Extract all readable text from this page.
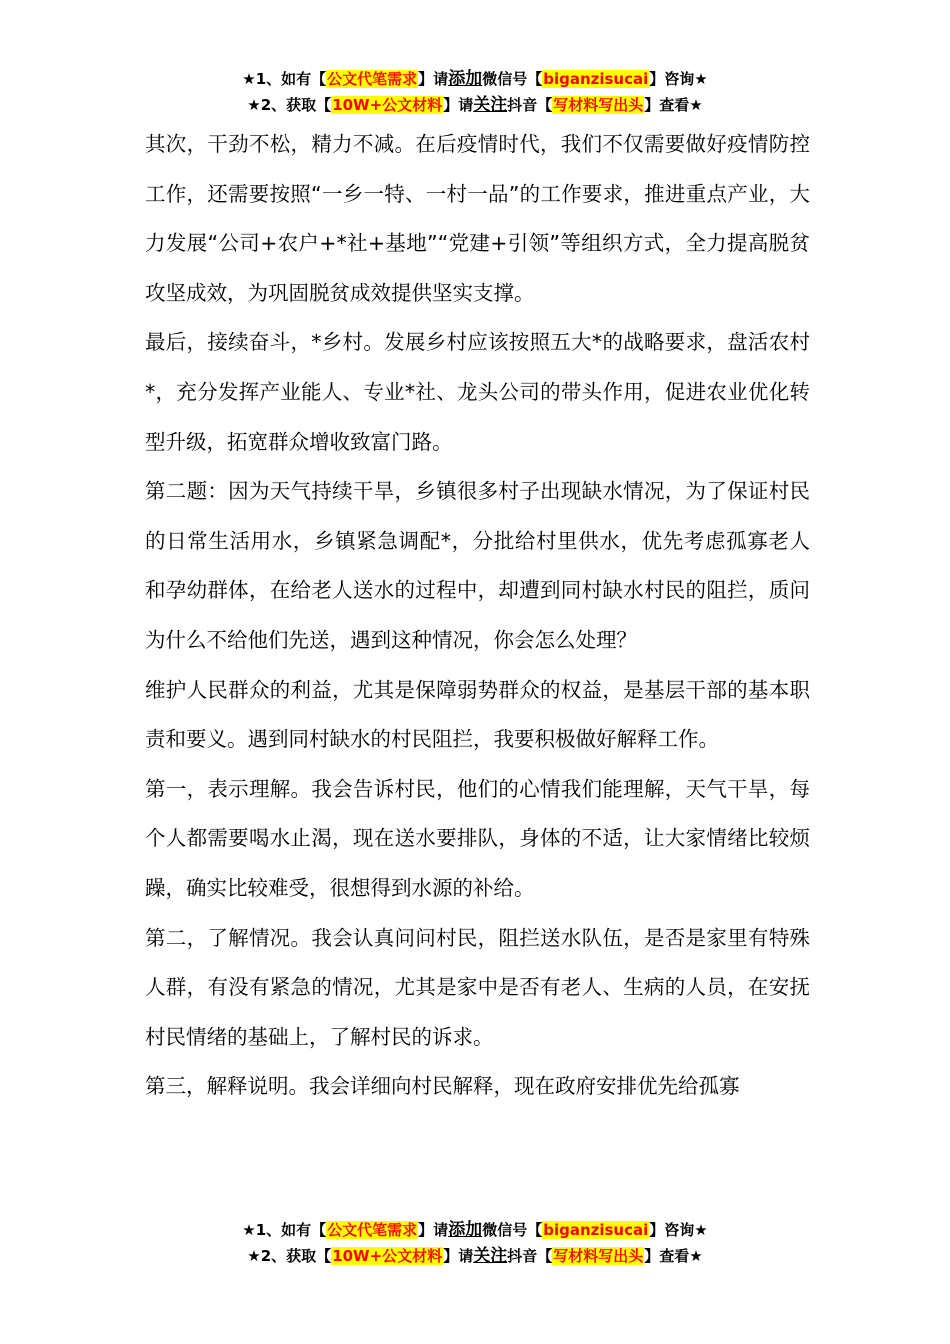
★1、如有【公文代笔需求】请添加微信号【biganzisucai】咨询★
★2、获取【10W+公文材料】请关注抖音【写材料写出头】查看★

其次，干劲不松，精力不减。在后疫情时代，我们不仅需要做好疫情防控工作，还需要按照“一乡一特、一村一品”的工作要求，推进重点产业，大力发展“公司+农户+*社+基地”“党建+引领”等组织方式，全力提高脱贫攻坚成效，为巩固脱贫成效提供坚实支撑。

最后，接续奋斗，*乡村。发展乡村应该按照五大*的战略要求，盘活农村*，充分发挥产业能人、专业*社、龙头公司的带头作用，促进农业优化转型升级，拓宽群众增收致富门路。

第二题：因为天气持续干旱，乡镇很多村子出现缺水情况，为了保证村民的日常生活用水，乡镇紧急调配*，分批给村里供水，优先考虑孤寡老人和孕幼群体，在给老人送水的过程中，却遭到同村缺水村民的阻拦，质问为什么不给他们先送，遇到这种情况，你会怎么处理？

维护人民群众的利益，尤其是保障弱势群众的权益，是基层干部的基本职责和要义。遇到同村缺水的村民阻拦，我要积极做好解释工作。

第一，表示理解。我会告诉村民，他们的心情我们能理解，天气干旱，每个人都需要喝水止渴，现在送水要排队，身体的不适，让大家情绪比较烦躁，确实比较难受，很想得到水源的补给。

第二，了解情况。我会认真问问村民，阻拦送水队伍，是否是家里有特殊人群，有没有紧急的情况，尤其是家中是否有老人、生病的人员，在安抚村民情绪的基础上，了解村民的诉求。

第三，解释说明。我会详细向村民解释，现在政府安排优先给孤寡

★1、如有【公文代笔需求】请添加微信号【biganzisucai】咨询★
★2、获取【10W+公文材料】请关注抖音【写材料写出头】查看★
